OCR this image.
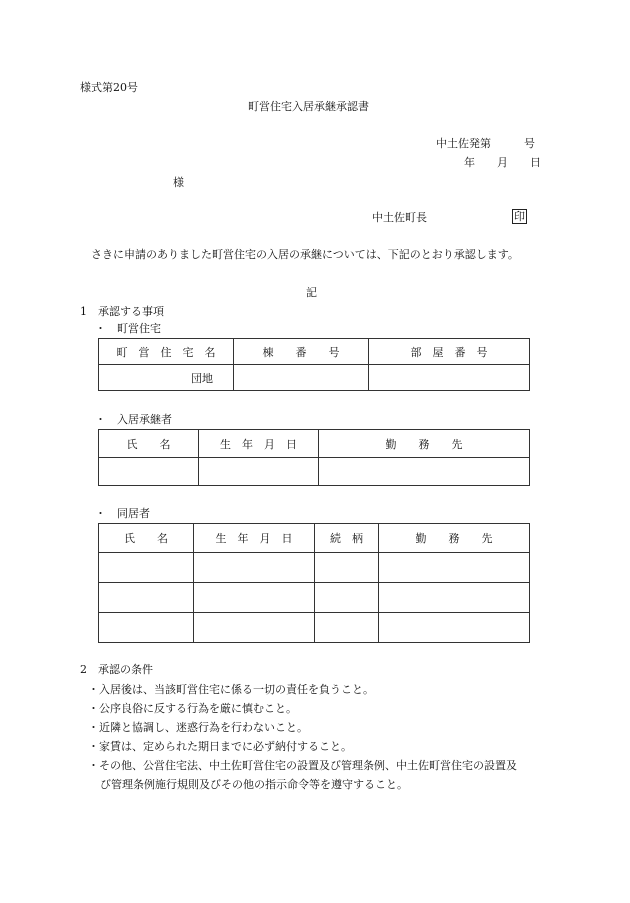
様式第20号
町営住宅入居承継承認書
中土佐発第　　　号
年　　月　　日
様
中土佐町長	印
さきに申請のありました町営住宅の入居の承継については、下記のとおり承認します。
記
1　承認する事項
・　町営住宅
町　営　住　宅　名	棟　　番　　号	部　屋　番　号
団地		
・　入居承継者
氏　　名	生　年　月　日	勤　　務　　先

・　同居者
氏　　名	生　年　月　日	続　柄	勤　　務　　先

2　承認の条件
・入居後は、当該町営住宅に係る一切の責任を負うこと。
・公序良俗に反する行為を厳に慎むこと。
・近隣と協調し、迷惑行為を行わないこと。
・家賃は、定められた期日までに必ず納付すること。
・その他、公営住宅法、中土佐町営住宅の設置及び管理条例、中土佐町営住宅の設置及
び管理条例施行規則及びその他の指示命令等を遵守すること。
